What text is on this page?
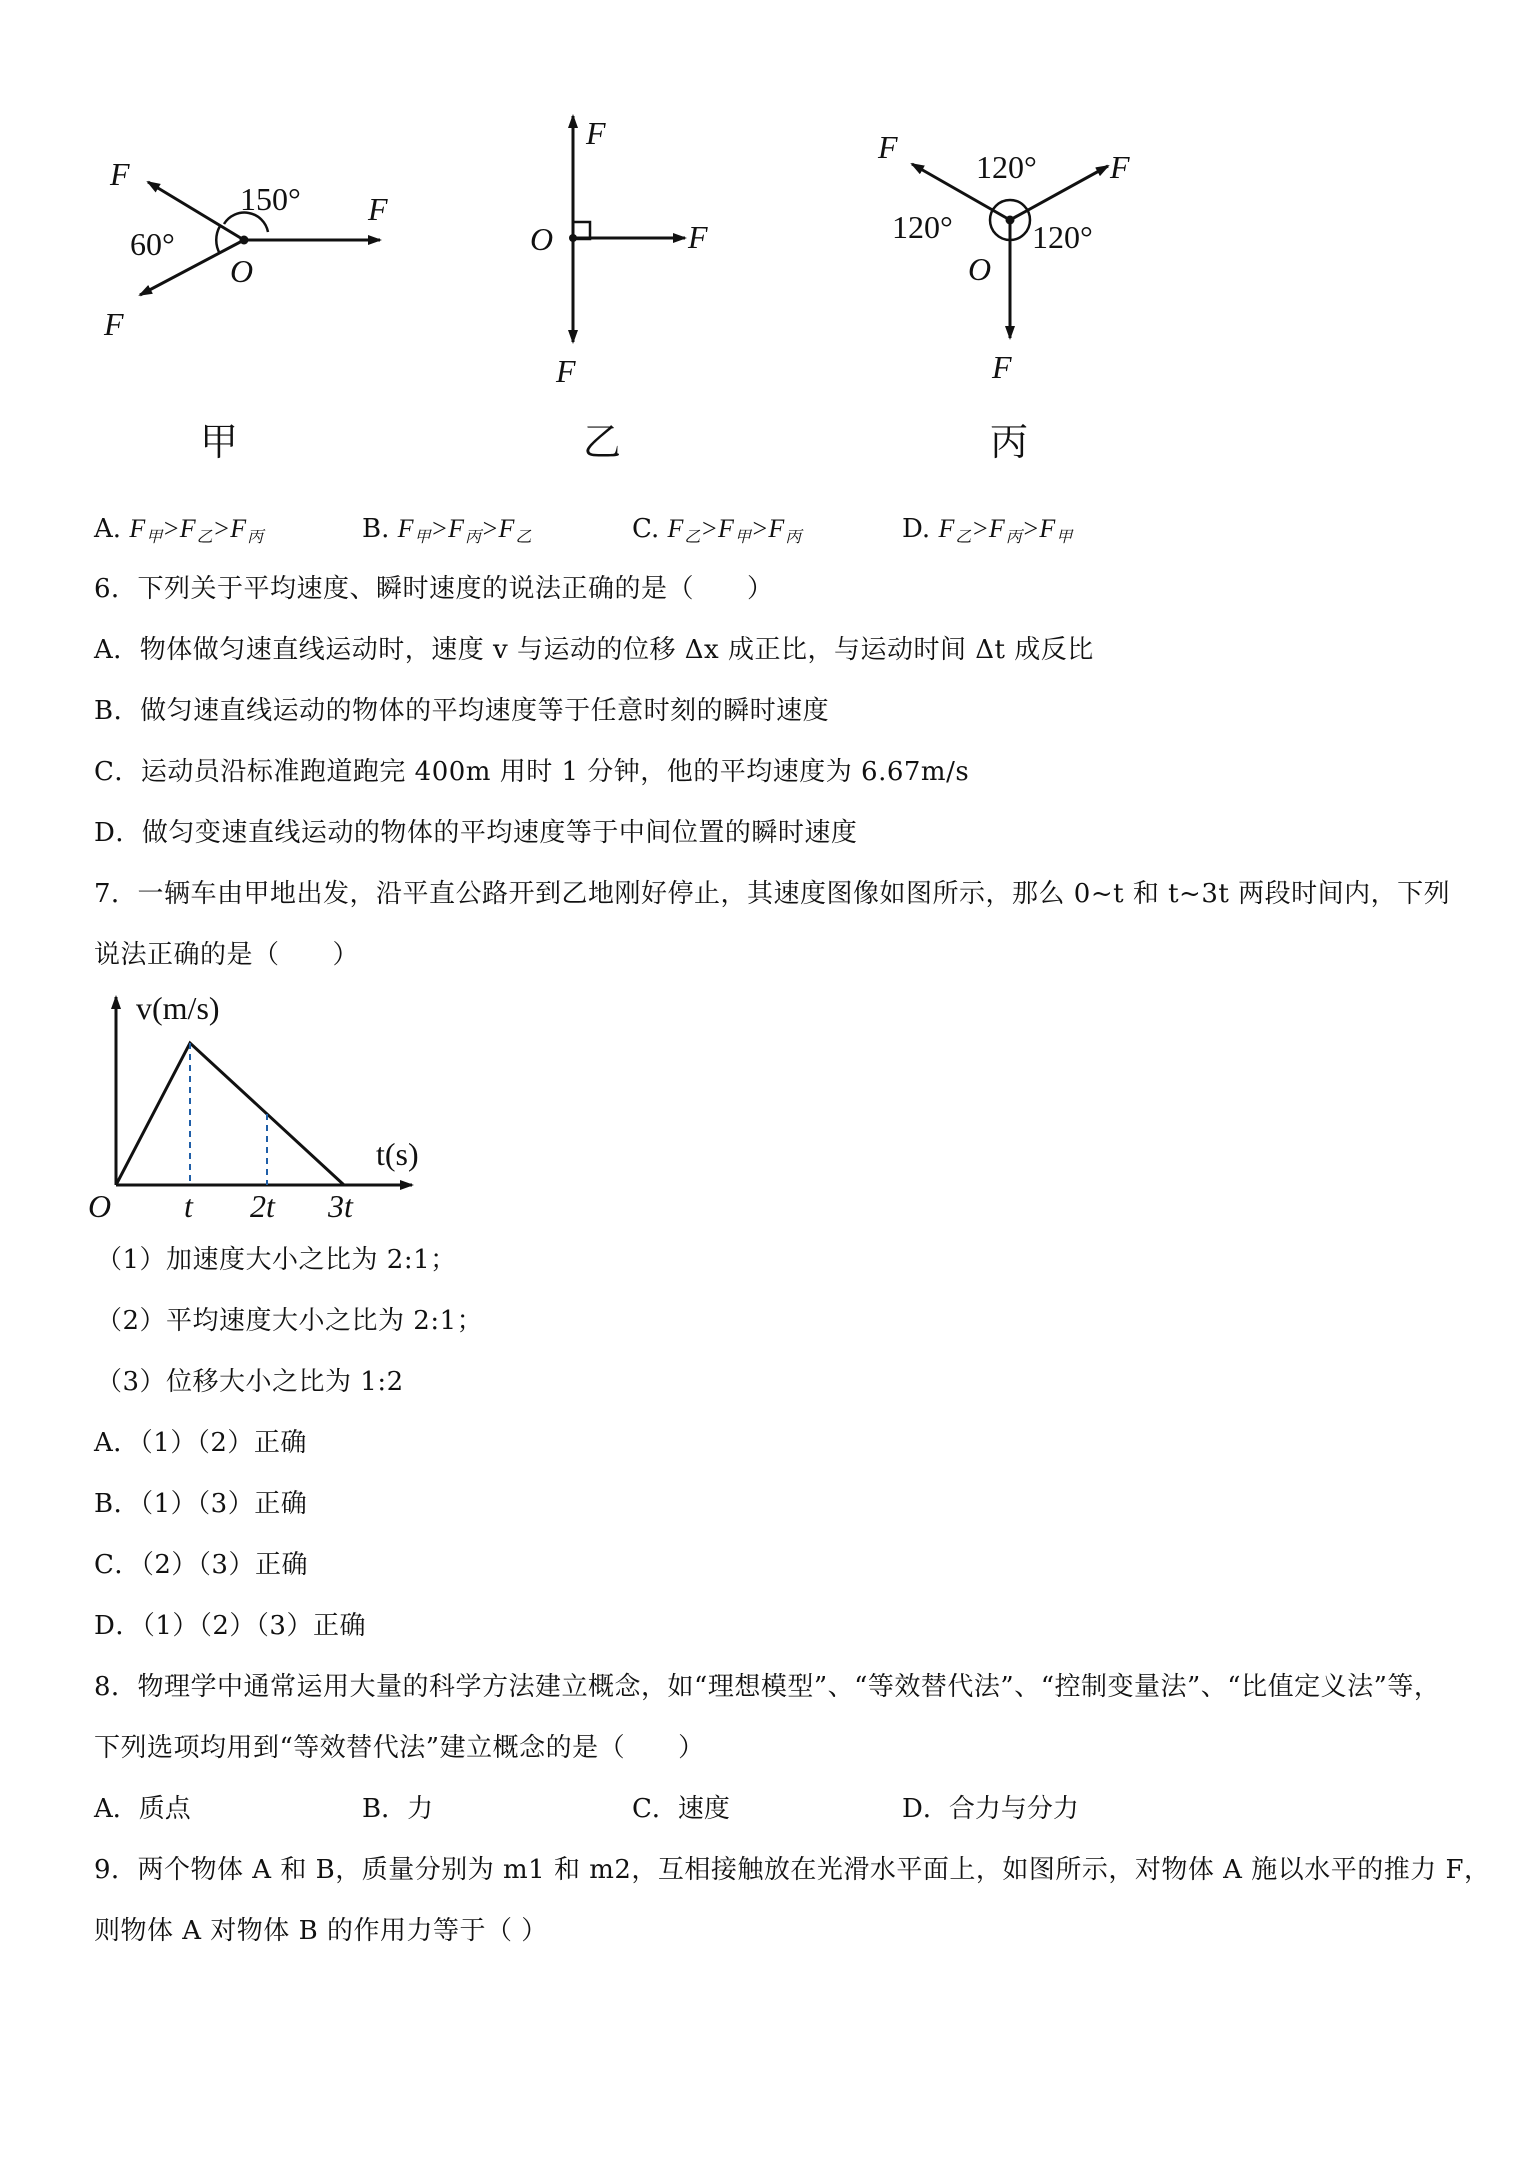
F
F
F
150°
60°
O
甲
F
F
F
O
乙
F
F
F
120°
120° 120°
O
丙
A. $F_甲>F_乙>F_丙$	B. $F_甲>F_丙>F_乙$	C. $F_乙>F_甲>F_丙$	D. $F_乙>F_丙>F_甲$
6．下列关于平均速度、瞬时速度的说法正确的是（　　）
A．物体做匀速直线运动时，速度 v 与运动的位移 Δx 成正比，与运动时间 Δt 成反比
B．做匀速直线运动的物体的平均速度等于任意时刻的瞬时速度
C．运动员沿标准跑道跑完 400m 用时 1 分钟，他的平均速度为 6.67m/s
D．做匀变速直线运动的物体的平均速度等于中间位置的瞬时速度
7．一辆车由甲地出发，沿平直公路开到乙地刚好停止，其速度图像如图所示，那么 0~t 和 t~3t 两段时间内，下列
说法正确的是（　　）
v(m/s)
t(s)
O t 2t 3t
（1）加速度大小之比为 2:1；
（2）平均速度大小之比为 2:1；
（3）位移大小之比为 1:2
A．（1）（2）正确
B．（1）（3）正确
C．（2）（3）正确
D．（1）（2）（3）正确
8．物理学中通常运用大量的科学方法建立概念，如“理想模型”、“等效替代法”、“控制变量法”、“比值定义法”等，
下列选项均用到“等效替代法”建立概念的是（　　）
A．质点	B．力	C．速度	D．合力与分力
9．两个物体 A 和 B，质量分别为 m1 和 m2，互相接触放在光滑水平面上，如图所示，对物体 A 施以水平的推力 F，
则物体 A 对物体 B 的作用力等于（ ）
